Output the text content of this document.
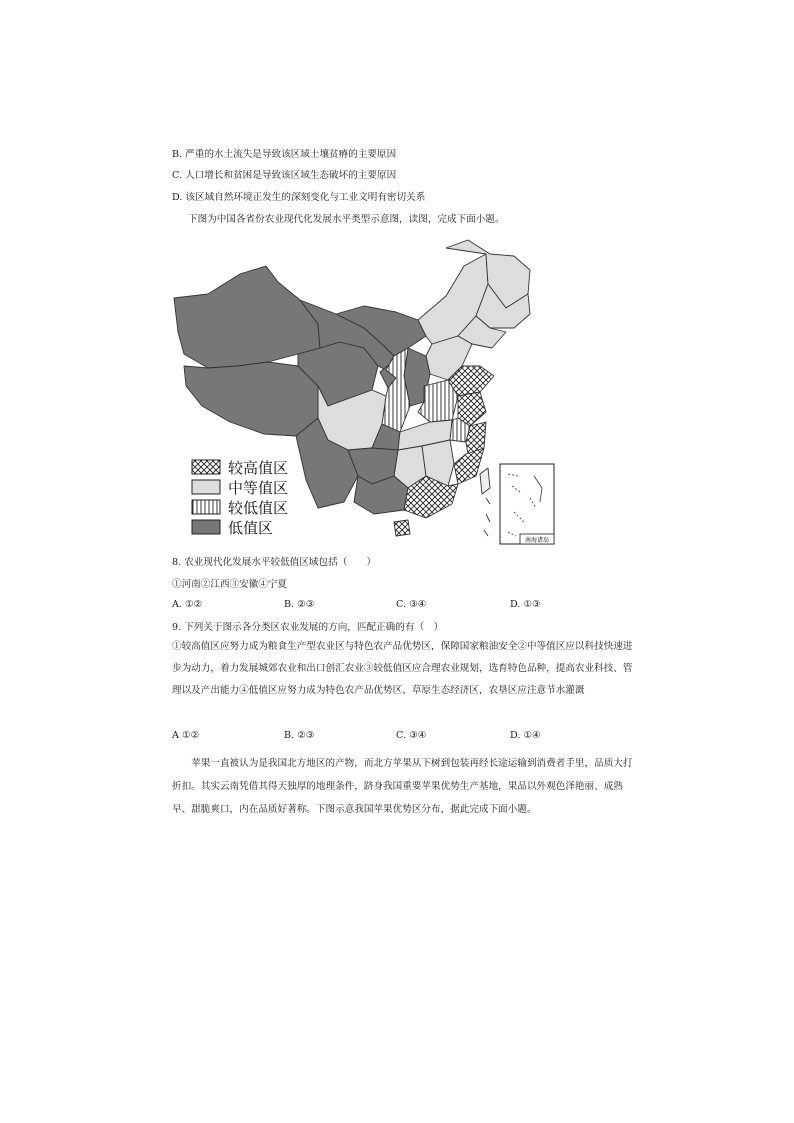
B. 严重的水土流失是导致该区域土壤贫瘠的主要原因
C. 人口增长和贫困是导致该区域生态破坏的主要原因
D. 该区域自然环境正发生的深刻变化与工业文明有密切关系
下图为中国各省份农业现代化发展水平类型示意图，读图，完成下面小题。
较高值区
中等值区
较低值区
低值区
南海诸岛
8. 农业现代化发展水平较低值区域包括（　　）
①河南②江西③安徽④宁夏
A. ①②	B. ②③	C. ③④	D. ①③
9. 下列关于图示各分类区农业发展的方向，匹配正确的有（　）
①较高值区应努力成为粮食生产型农业区与特色农产品优势区，保障国家粮油安全②中等值区应以科技快速进步为动力，着力发展城郊农业和出口创汇农业③较低值区应合理农业规划，选育特色品种，提高农业科技、管理以及产出能力④低值区应努力成为特色农产品优势区、草原生态经济区，农垦区应注意节水灌溉
A ①②	B. ②③	C. ③④	D. ①④
苹果一直被认为是我国北方地区的产物，而北方苹果从下树到包装再经长途运输到消费者手里，品质大打折扣。其实云南凭借其得天独厚的地理条件，跻身我国重要苹果优势生产基地，果品以外观色泽艳丽、成熟早、甜脆爽口，内在品质好著称。下图示意我国苹果优势区分布，据此完成下面小题。
